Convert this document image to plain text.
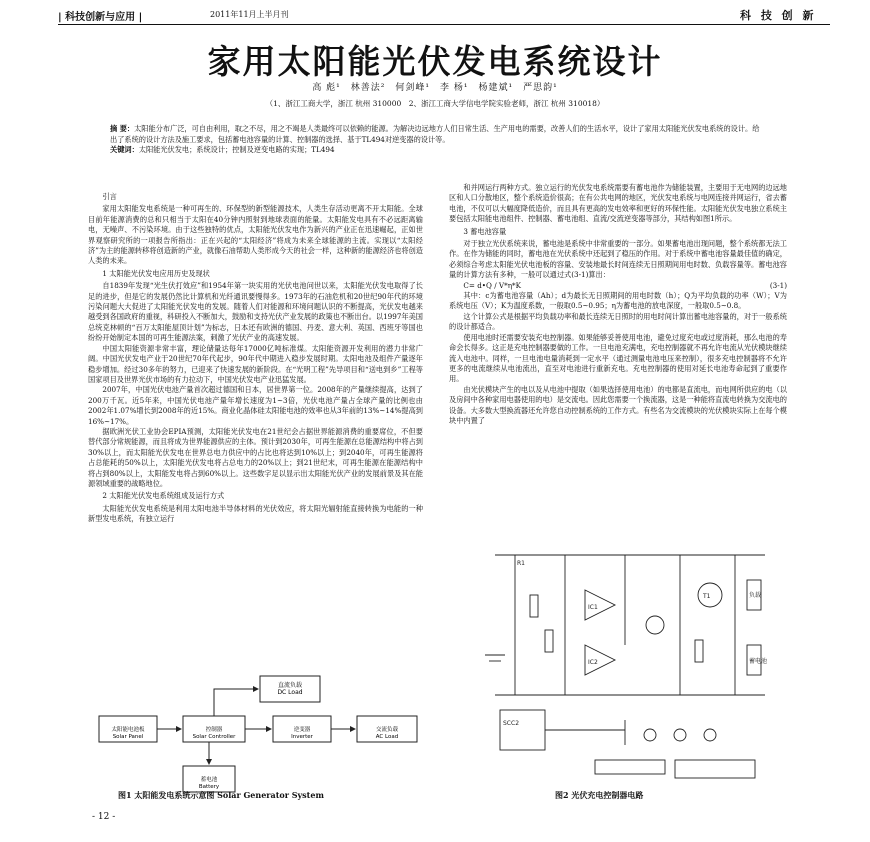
| 科技创新与应用 |	2011年11月上半月刊	科 技 创 新
家用太阳能光伏发电系统设计
高 彪¹　林善法²　何剑峰¹　李 杨¹　杨建斌¹　严思韵¹
（1、浙江工商大学，浙江 杭州 310000　2、浙江工商大学信电学院实验老师，浙江 杭州 310018）
摘 要：太阳能分布广泛，可自由利用，取之不尽，用之不竭是人类最终可以依赖的能源。为解决边远地方人们日常生活、生产用电的需要，改善人们的生活水平，设计了家用太阳能光伏发电系统的设计。给出了系统的设计方法及施工要求，包括蓄电池容量的计算、控制器的选择、基于TL494对逆变器的设计等。
关键词：太阳能光伏发电；系统设计；控制及逆变电路的实现；TL494

引言

家用太阳能发电系统是一种可再生的、环保型的新型能源技术，人类生存活动更离不开太阳能。全球目前年能源消费的总和只相当于太阳在40分钟内照射到地球表面的能量。太阳能发电具有不必远距离输电，无噪声、不污染环境。由于这些独特的优点，太阳能光伏发电作为新兴的产业正在迅速崛起，正如世界观察研究所的一项报告所指出：正在兴起的“太阳经济”将成为未来全球能源的主流。实现以“太阳经济”为主的能源转移将创造新的产业，就像石油帮助人类形成今天的社会一样，这种新的能源经济也将创造人类的未来。

1 太阳能光伏发电应用历史及现状

自1839年发现“光生伏打效应”和1954年第一块实用的光伏电池问世以来，太阳能光伏发电取得了长足的进步，但是它的发展仍然比计算机和光纤通讯要慢得多。1973年的石油危机和20世纪90年代的环境污染问题大大促进了太阳能光伏发电的发展。随着人们对能源和环境问题认识的不断提高，光伏发电越来越受到各国政府的重视，科研投入不断加大，鼓励和支持光伏产业发展的政策也不断出台。以1997年美国总统克林顿的“百万太阳能屋顶计划”为标志，日本还有欧洲的德国、丹麦、意大利、英国、西班牙等国也纷纷开始制定本国的可再生能源法案，刺激了光伏产业的高速发展。

中国太阳能资源非常丰富，理论储量达每年17000亿吨标准煤。太阳能资源开发利用的潜力非常广阔。中国光伏发电产业于20世纪70年代起步，90年代中期进入稳步发展时期。太阳电池及组件产量逐年稳步增加。经过30多年的努力，已迎来了快速发展的新阶段。在“光明工程”先导项目和“送电到乡”工程等国家项目及世界光伏市场的有力拉动下，中国光伏发电产业迅猛发展。

2007年，中国光伏电池产量首次超过德国和日本，居世界第一位。2008年的产量继续提高，达到了200万千瓦。近5年来，中国光伏电池产量年增长速度为1~3倍，光伏电池产量占全球产量的比例也由2002年1.07%增长到2008年的近15%。商业化晶体硅太阳能电池的效率也从3年前的13%~14%提高到16%~17%。

据欧洲光伏工业协会EPIA预测，太阳能光伏发电在21世纪会占据世界能源消费的重要席位，不但要替代部分常规能源，而且将成为世界能源供应的主体。预计到2030年，可再生能源在总能源结构中将占到30%以上，而太阳能光伏发电在世界总电力供应中的占比也将达到10%以上；到2040年，可再生能源将占总能耗的50%以上，太阳能光伏发电将占总电力的20%以上；到21世纪末，可再生能源在能源结构中将占到80%以上，太阳能发电将占到60%以上。这些数字足以显示出太阳能光伏产业的发展前景及其在能源领域重要的战略地位。

2 太阳能光伏发电系统组成及运行方式

太阳能光伏发电系统是利用太阳电池半导体材料的光伏效应，将太阳光辐射能直接转换为电能的一种新型发电系统，有独立运行

和并网运行两种方式。独立运行的光伏发电系统需要有蓄电池作为储能装置，主要用于无电网的边远地区和人口分散地区，整个系统造价很高；在有公共电网的地区，光伏发电系统与电网连接并网运行，省去蓄电池，不仅可以大幅度降低造价，而且具有更高的发电效率和更好的环保性能。太阳能光伏发电独立系统主要包括太阳能电池组件、控制器、蓄电池组、直流/交流逆变器等部分，其结构如图1所示。

3 蓄电池容量

对于独立光伏系统来说，蓄电池是系统中非常重要的一部分。如果蓄电池出现问题，整个系统都无法工作。在作为储能的同时，蓄电池在光伏系统中还起到了稳压的作用。对于系统中蓄电池容量最佳值的确定，必须综合考虑太阳能光伏电池板的容量、安装地最长时间连续无日照期间用电时数、负载容量等。蓄电池容量的计算方法有多种，一般可以通过式(3-1)算出：

C= d•Q / V*η*K	(3-1)

其中：c为蓄电池容量（Ah）；d为最长无日照期间的用电时数（h）；Q为平均负载的功率（W）；V为系统电压（V）；K为温度系数，一般取0.5~0.95；η为蓄电池的放电深度，一般取0.5~0.8。

这个计算公式是根据平均负载功率和最长连续无日照时的用电时间计算出蓄电池容量的，对于一般系统的设计都适合。

使用电池时还需要安装充电控制器。如果能够妥善使用电池，避免过度充电或过度消耗，那么电池的寿命会长得多。这正是充电控制器要做的工作。一旦电池充满电，充电控制器就不再允许电流从光伏模块继续流入电池中。同样，一旦电池电量消耗到一定水平（通过测量电池电压来控制），很多充电控制器将不允许更多的电流继续从电池流出，直至对电池进行重新充电。充电控制器的使用对延长电池寿命起到了重要作用。

由光伏模块产生的电以及从电池中提取（如果选择使用电池）的电都是直流电，而电网所供应的电（以及房间中各种家用电器使用的电）是交流电。因此您需要一个换流器，这是一种能将直流电转换为交流电的设备。大多数大型换流器还允许您自动控制系统的工作方式。有些名为交流模块的光伏模块实际上在每个模块中内置了

直流负载 DC Load
太阳能电池板 Solar Panel
控制器 Solar Controller
逆变器 Inverter
交流负载 AC Load
蓄电池 Battery
R1
IC1
IC2
T1	负载
蓄电池
SCC2
图1 太阳能发电系统示意图 Solar Generator System	图2 光伏充电控制器电路
- 12 -
